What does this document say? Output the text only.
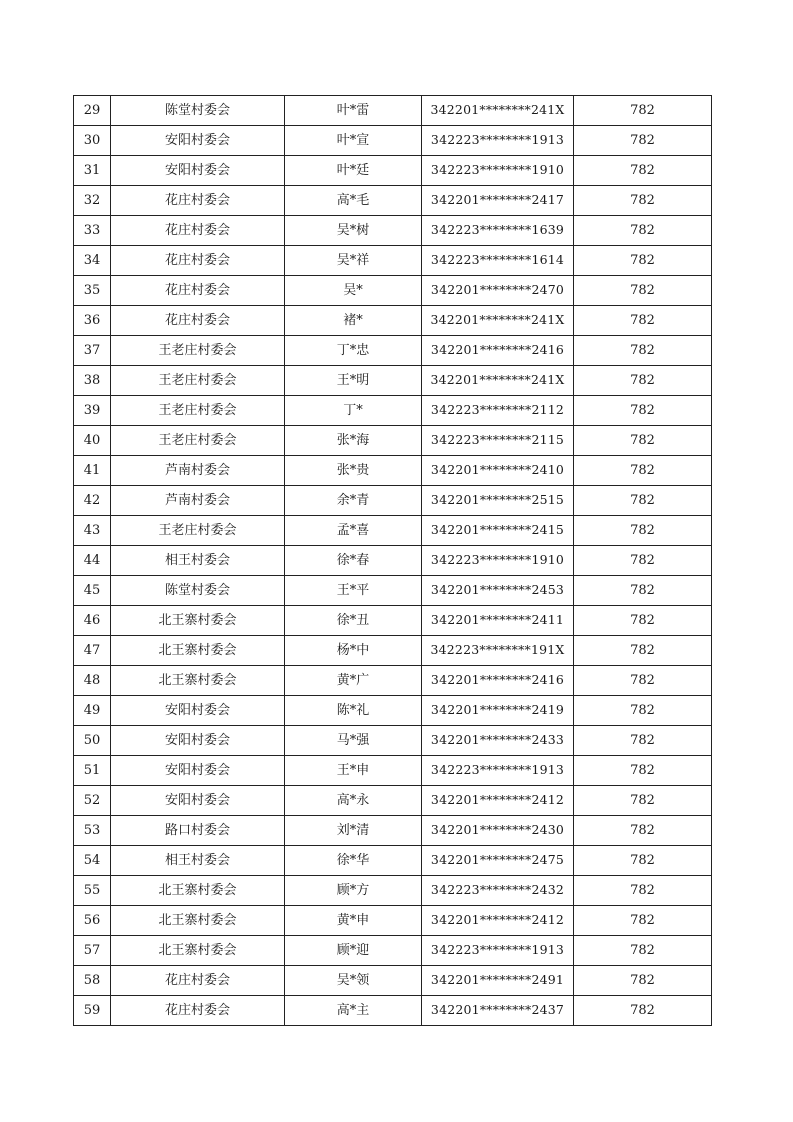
29	陈堂村委会	叶*雷	342201********241X	782
30	安阳村委会	叶*宣	342223********1913	782
31	安阳村委会	叶*廷	342223********1910	782
32	花庄村委会	高*毛	342201********2417	782
33	花庄村委会	吴*树	342223********1639	782
34	花庄村委会	吴*祥	342223********1614	782
35	花庄村委会	吴*	342201********2470	782
36	花庄村委会	褚*	342201********241X	782
37	王老庄村委会	丁*忠	342201********2416	782
38	王老庄村委会	王*明	342201********241X	782
39	王老庄村委会	丁*	342223********2112	782
40	王老庄村委会	张*海	342223********2115	782
41	芦南村委会	张*贵	342201********2410	782
42	芦南村委会	余*青	342201********2515	782
43	王老庄村委会	孟*喜	342201********2415	782
44	相王村委会	徐*春	342223********1910	782
45	陈堂村委会	王*平	342201********2453	782
46	北王寨村委会	徐*丑	342201********2411	782
47	北王寨村委会	杨*中	342223********191X	782
48	北王寨村委会	黄*广	342201********2416	782
49	安阳村委会	陈*礼	342201********2419	782
50	安阳村委会	马*强	342201********2433	782
51	安阳村委会	王*申	342223********1913	782
52	安阳村委会	高*永	342201********2412	782
53	路口村委会	刘*清	342201********2430	782
54	相王村委会	徐*华	342201********2475	782
55	北王寨村委会	顾*方	342223********2432	782
56	北王寨村委会	黄*申	342201********2412	782
57	北王寨村委会	顾*迎	342223********1913	782
58	花庄村委会	吴*领	342201********2491	782
59	花庄村委会	高*主	342201********2437	782
